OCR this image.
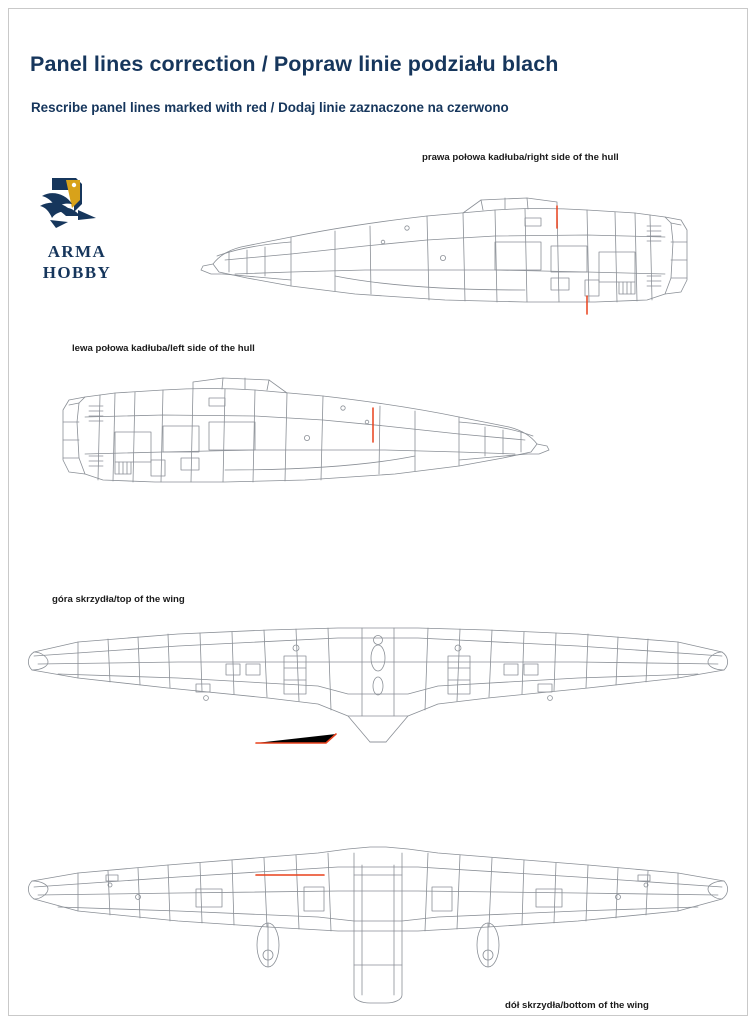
Panel lines correction / Popraw linie podziału blach
Rescribe panel lines marked with red / Dodaj linie zaznaczone na czerwono
ARMA
HOBBY
prawa połowa kadłuba/right side of the hull
lewa połowa kadłuba/left side of the hull
góra skrzydła/top of the wing
dół skrzydła/bottom of the wing
